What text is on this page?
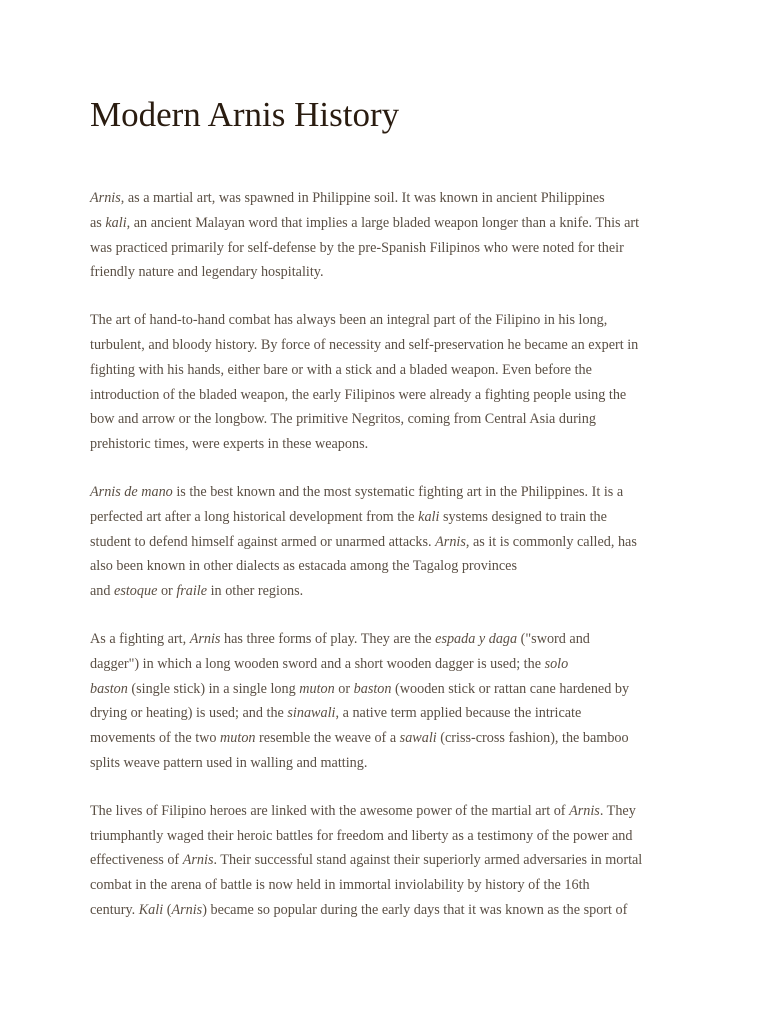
Modern Arnis History

Arnis, as a martial art, was spawned in Philippine soil. It was known in ancient Philippines
as kali, an ancient Malayan word that implies a large bladed weapon longer than a knife. This art
was practiced primarily for self-defense by the pre-Spanish Filipinos who were noted for their
friendly nature and legendary hospitality.

The art of hand-to-hand combat has always been an integral part of the Filipino in his long,
turbulent, and bloody history. By force of necessity and self-preservation he became an expert in
fighting with his hands, either bare or with a stick and a bladed weapon. Even before the
introduction of the bladed weapon, the early Filipinos were already a fighting people using the
bow and arrow or the longbow. The primitive Negritos, coming from Central Asia during
prehistoric times, were experts in these weapons.

Arnis de mano is the best known and the most systematic fighting art in the Philippines. It is a
perfected art after a long historical development from the kali systems designed to train the
student to defend himself against armed or unarmed attacks. Arnis, as it is commonly called, has
also been known in other dialects as estacada among the Tagalog provinces
and estoque or fraile in other regions.

As a fighting art, Arnis has three forms of play. They are the espada y daga ("sword and
dagger") in which a long wooden sword and a short wooden dagger is used; the solo
baston (single stick) in a single long muton or baston (wooden stick or rattan cane hardened by
drying or heating) is used; and the sinawali, a native term applied because the intricate
movements of the two muton resemble the weave of a sawali (criss-cross fashion), the bamboo
splits weave pattern used in walling and matting.

The lives of Filipino heroes are linked with the awesome power of the martial art of Arnis. They
triumphantly waged their heroic battles for freedom and liberty as a testimony of the power and
effectiveness of Arnis. Their successful stand against their superiorly armed adversaries in mortal
combat in the arena of battle is now held in immortal inviolability by history of the 16th
century. Kali (Arnis) became so popular during the early days that it was known as the sport of
